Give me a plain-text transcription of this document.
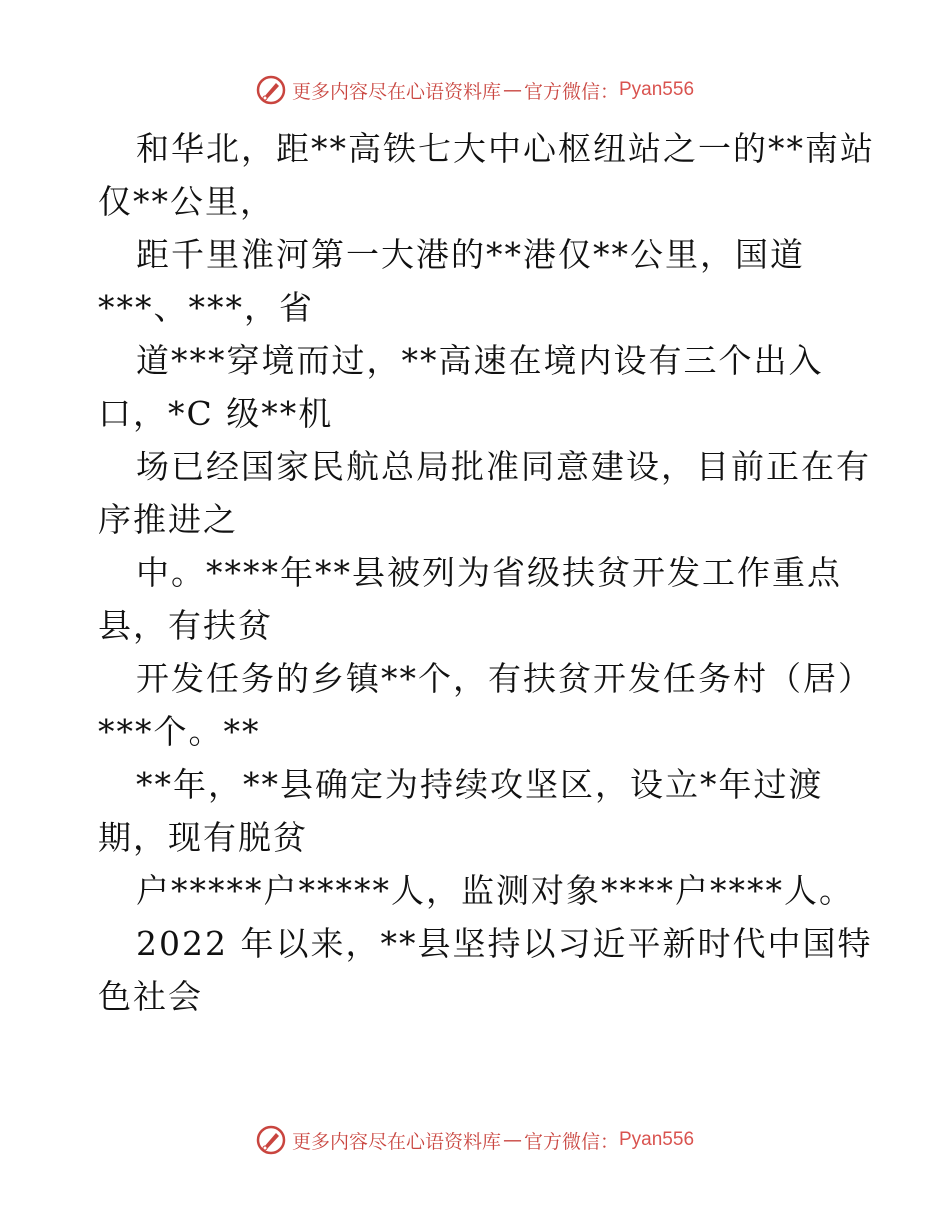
更多内容尽在心语资料库 — 官方微信： Pyan556

和华北，距**高铁七大中心枢纽站之一的**南站
仅**公里，

距千里淮河第一大港的**港仅**公里，国道
***、***，省

道***穿境而过，**高速在境内设有三个出入
口，*C 级**机

场已经国家民航总局批准同意建设，目前正在有
序推进之

中。****年**县被列为省级扶贫开发工作重点
县，有扶贫

开发任务的乡镇**个，有扶贫开发任务村（居）
***个。**

**年，**县确定为持续攻坚区，设立*年过渡
期，现有脱贫

户*****户*****人，监测对象****户****人。

2022 年以来，**县坚持以习近平新时代中国特
色社会

更多内容尽在心语资料库 — 官方微信： Pyan556
